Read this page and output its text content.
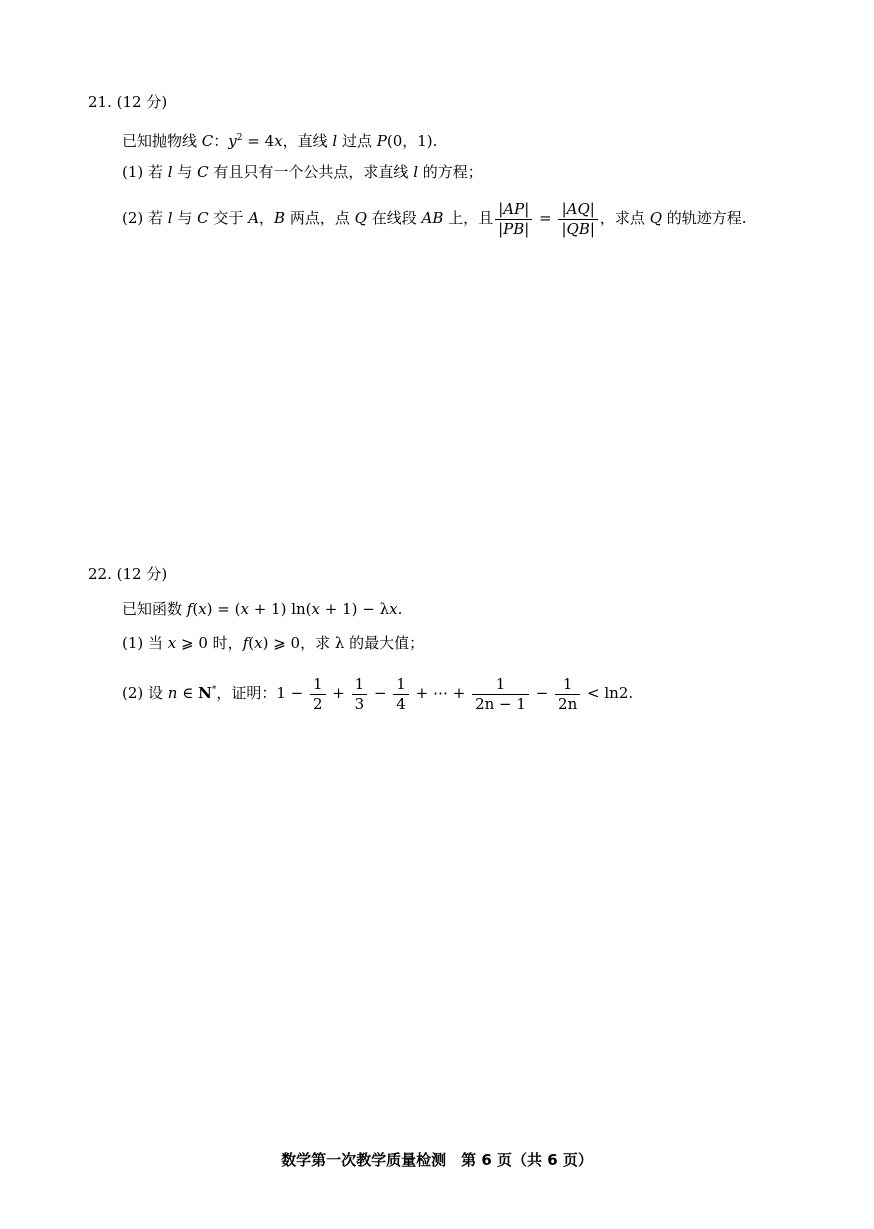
21. (12 分)
已知抛物线 C：$y^2 = 4x$，直线 l 过点 P(0，1).
(1) 若 l 与 C 有且只有一个公共点，求直线 l 的方程；
(2) 若 l 与 C 交于 A，B 两点，点 Q 在线段 AB 上，且 $\frac{|AP|}{|PB|} = \frac{|AQ|}{|QB|}$ ，求点 Q 的轨迹方程.
22. (12 分)
已知函数 f(x) = (x + 1) ln(x + 1) − λx.
(1) 当 x ⩾ 0 时，f(x) ⩾ 0，求 λ 的最大值；
(2) 设 n ∈ N*，证明：$1 - \frac{1}{2} + \frac{1}{3} - \frac{1}{4}$ + ⋯ + $\frac{1}{2n - 1} - \frac{1}{2n} < \ln 2$.
数学第一次教学质量检测　第 6 页（共 6 页）
